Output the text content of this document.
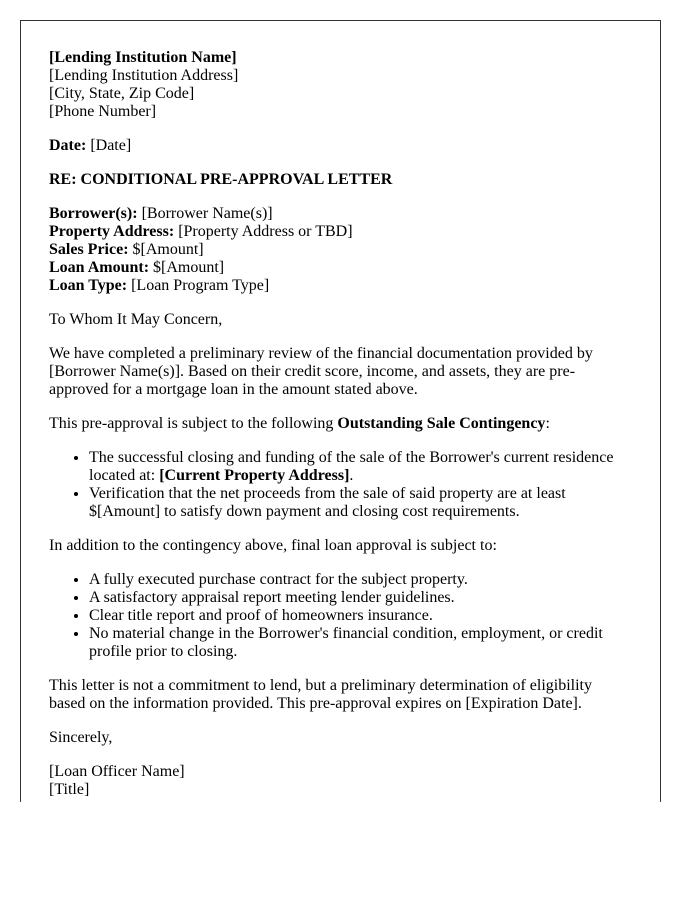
[Lending Institution Name]
[Lending Institution Address]
[City, State, Zip Code]
[Phone Number]

Date: [Date]

RE: CONDITIONAL PRE-APPROVAL LETTER

Borrower(s): [Borrower Name(s)]
Property Address: [Property Address or TBD]
Sales Price: $[Amount]
Loan Amount: $[Amount]
Loan Type: [Loan Program Type]

To Whom It May Concern,

We have completed a preliminary review of the financial documentation provided by [Borrower Name(s)]. Based on their credit score, income, and assets, they are pre-approved for a mortgage loan in the amount stated above.

This pre-approval is subject to the following Outstanding Sale Contingency:

• The successful closing and funding of the sale of the Borrower's current residence located at: [Current Property Address].
• Verification that the net proceeds from the sale of said property are at least $[Amount] to satisfy down payment and closing cost requirements.

In addition to the contingency above, final loan approval is subject to:

• A fully executed purchase contract for the subject property.
• A satisfactory appraisal report meeting lender guidelines.
• Clear title report and proof of homeowners insurance.
• No material change in the Borrower's financial condition, employment, or credit profile prior to closing.

This letter is not a commitment to lend, but a preliminary determination of eligibility based on the information provided. This pre-approval expires on [Expiration Date].

Sincerely,

[Loan Officer Name]
[Title]
